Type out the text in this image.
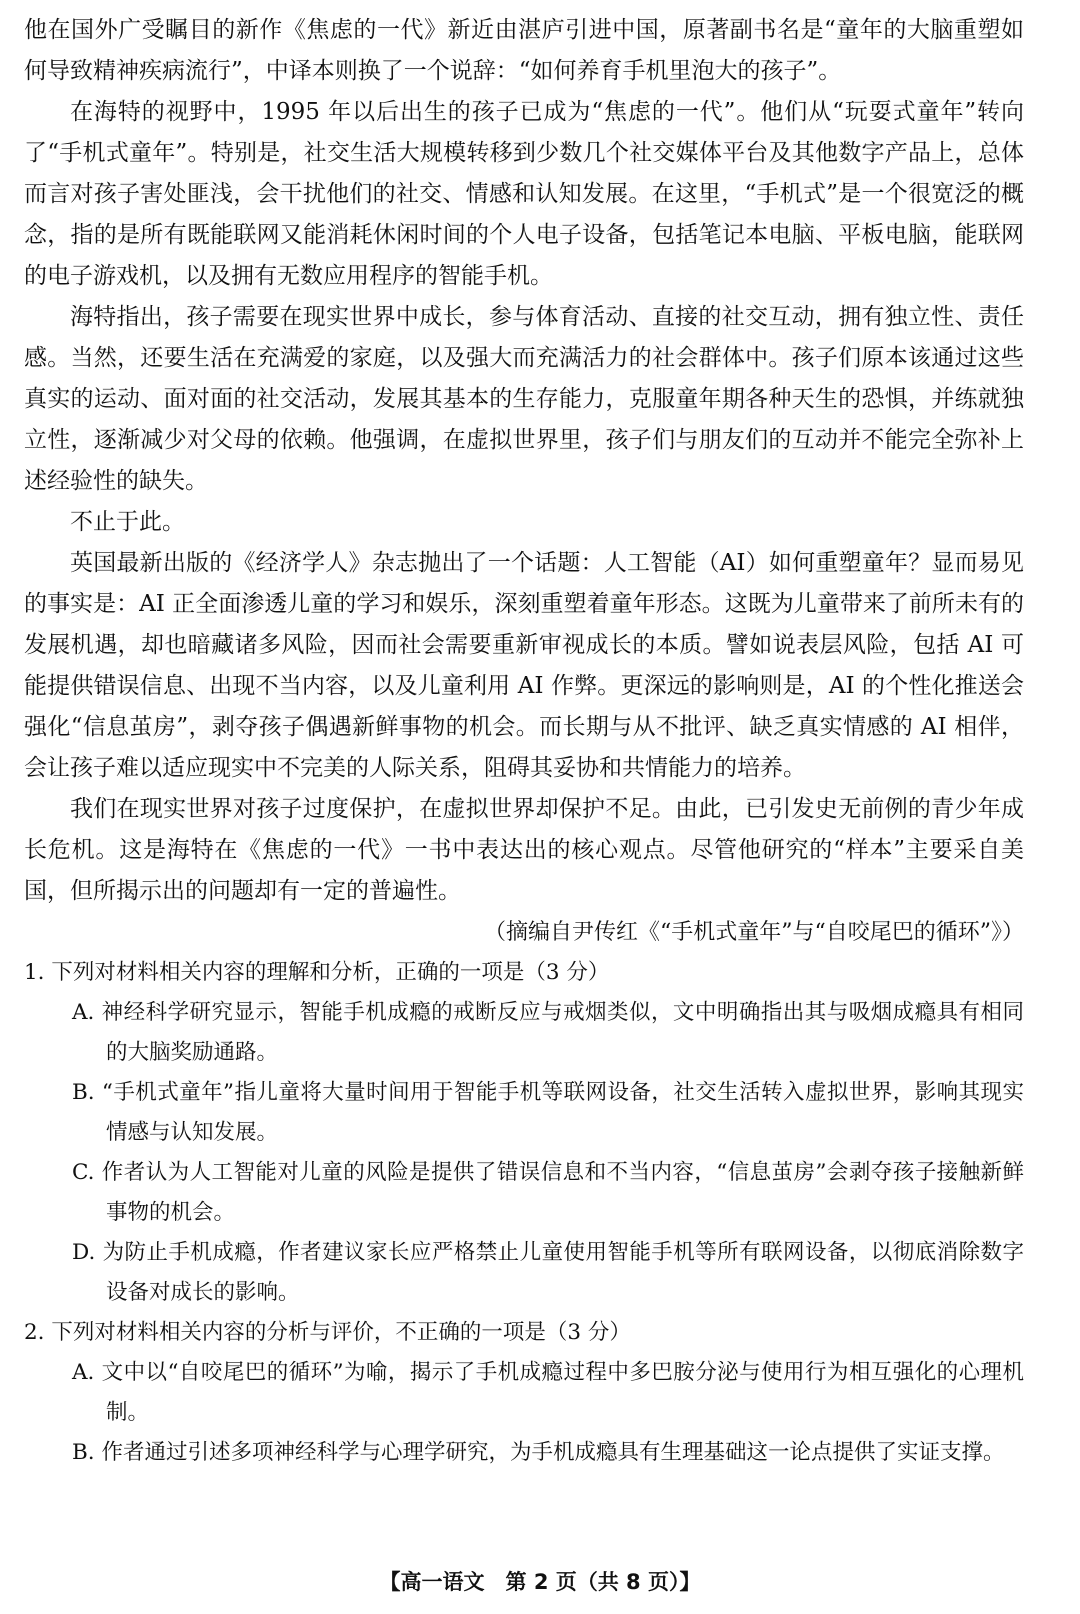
他在国外广受瞩目的新作《焦虑的一代》新近由湛庐引进中国，原著副书名是“童年的大脑重塑如何导致精神疾病流行”，中译本则换了一个说辞：“如何养育手机里泡大的孩子”。

在海特的视野中，1995 年以后出生的孩子已成为“焦虑的一代”。他们从“玩耍式童年”转向了“手机式童年”。特别是，社交生活大规模转移到少数几个社交媒体平台及其他数字产品上，总体而言对孩子害处匪浅，会干扰他们的社交、情感和认知发展。在这里，“手机式”是一个很宽泛的概念，指的是所有既能联网又能消耗休闲时间的个人电子设备，包括笔记本电脑、平板电脑，能联网的电子游戏机，以及拥有无数应用程序的智能手机。

海特指出，孩子需要在现实世界中成长，参与体育活动、直接的社交互动，拥有独立性、责任感。当然，还要生活在充满爱的家庭，以及强大而充满活力的社会群体中。孩子们原本该通过这些真实的运动、面对面的社交活动，发展其基本的生存能力，克服童年期各种天生的恐惧，并练就独立性，逐渐减少对父母的依赖。他强调，在虚拟世界里，孩子们与朋友们的互动并不能完全弥补上述经验性的缺失。

不止于此。

英国最新出版的《经济学人》杂志抛出了一个话题：人工智能（AI）如何重塑童年？显而易见的事实是：AI 正全面渗透儿童的学习和娱乐，深刻重塑着童年形态。这既为儿童带来了前所未有的发展机遇，却也暗藏诸多风险，因而社会需要重新审视成长的本质。譬如说表层风险，包括 AI 可能提供错误信息、出现不当内容，以及儿童利用 AI 作弊。更深远的影响则是，AI 的个性化推送会强化“信息茧房”，剥夺孩子偶遇新鲜事物的机会。而长期与从不批评、缺乏真实情感的 AI 相伴，会让孩子难以适应现实中不完美的人际关系，阻碍其妥协和共情能力的培养。

我们在现实世界对孩子过度保护，在虚拟世界却保护不足。由此，已引发史无前例的青少年成长危机。这是海特在《焦虑的一代》一书中表达出的核心观点。尽管他研究的“样本”主要采自美国，但所揭示出的问题却有一定的普遍性。

（摘编自尹传红《“手机式童年”与“自咬尾巴的循环”》）

1. 下列对材料相关内容的理解和分析，正确的一项是（3 分）

A. 神经科学研究显示，智能手机成瘾的戒断反应与戒烟类似，文中明确指出其与吸烟成瘾具有相同的大脑奖励通路。

B. “手机式童年”指儿童将大量时间用于智能手机等联网设备，社交生活转入虚拟世界，影响其现实情感与认知发展。

C. 作者认为人工智能对儿童的风险是提供了错误信息和不当内容，“信息茧房”会剥夺孩子接触新鲜事物的机会。

D. 为防止手机成瘾，作者建议家长应严格禁止儿童使用智能手机等所有联网设备，以彻底消除数字设备对成长的影响。

2. 下列对材料相关内容的分析与评价，不正确的一项是（3 分）

A. 文中以“自咬尾巴的循环”为喻，揭示了手机成瘾过程中多巴胺分泌与使用行为相互强化的心理机制。

B. 作者通过引述多项神经科学与心理学研究，为手机成瘾具有生理基础这一论点提供了实证支撑。

【高一语文　第 2 页（共 8 页）】
